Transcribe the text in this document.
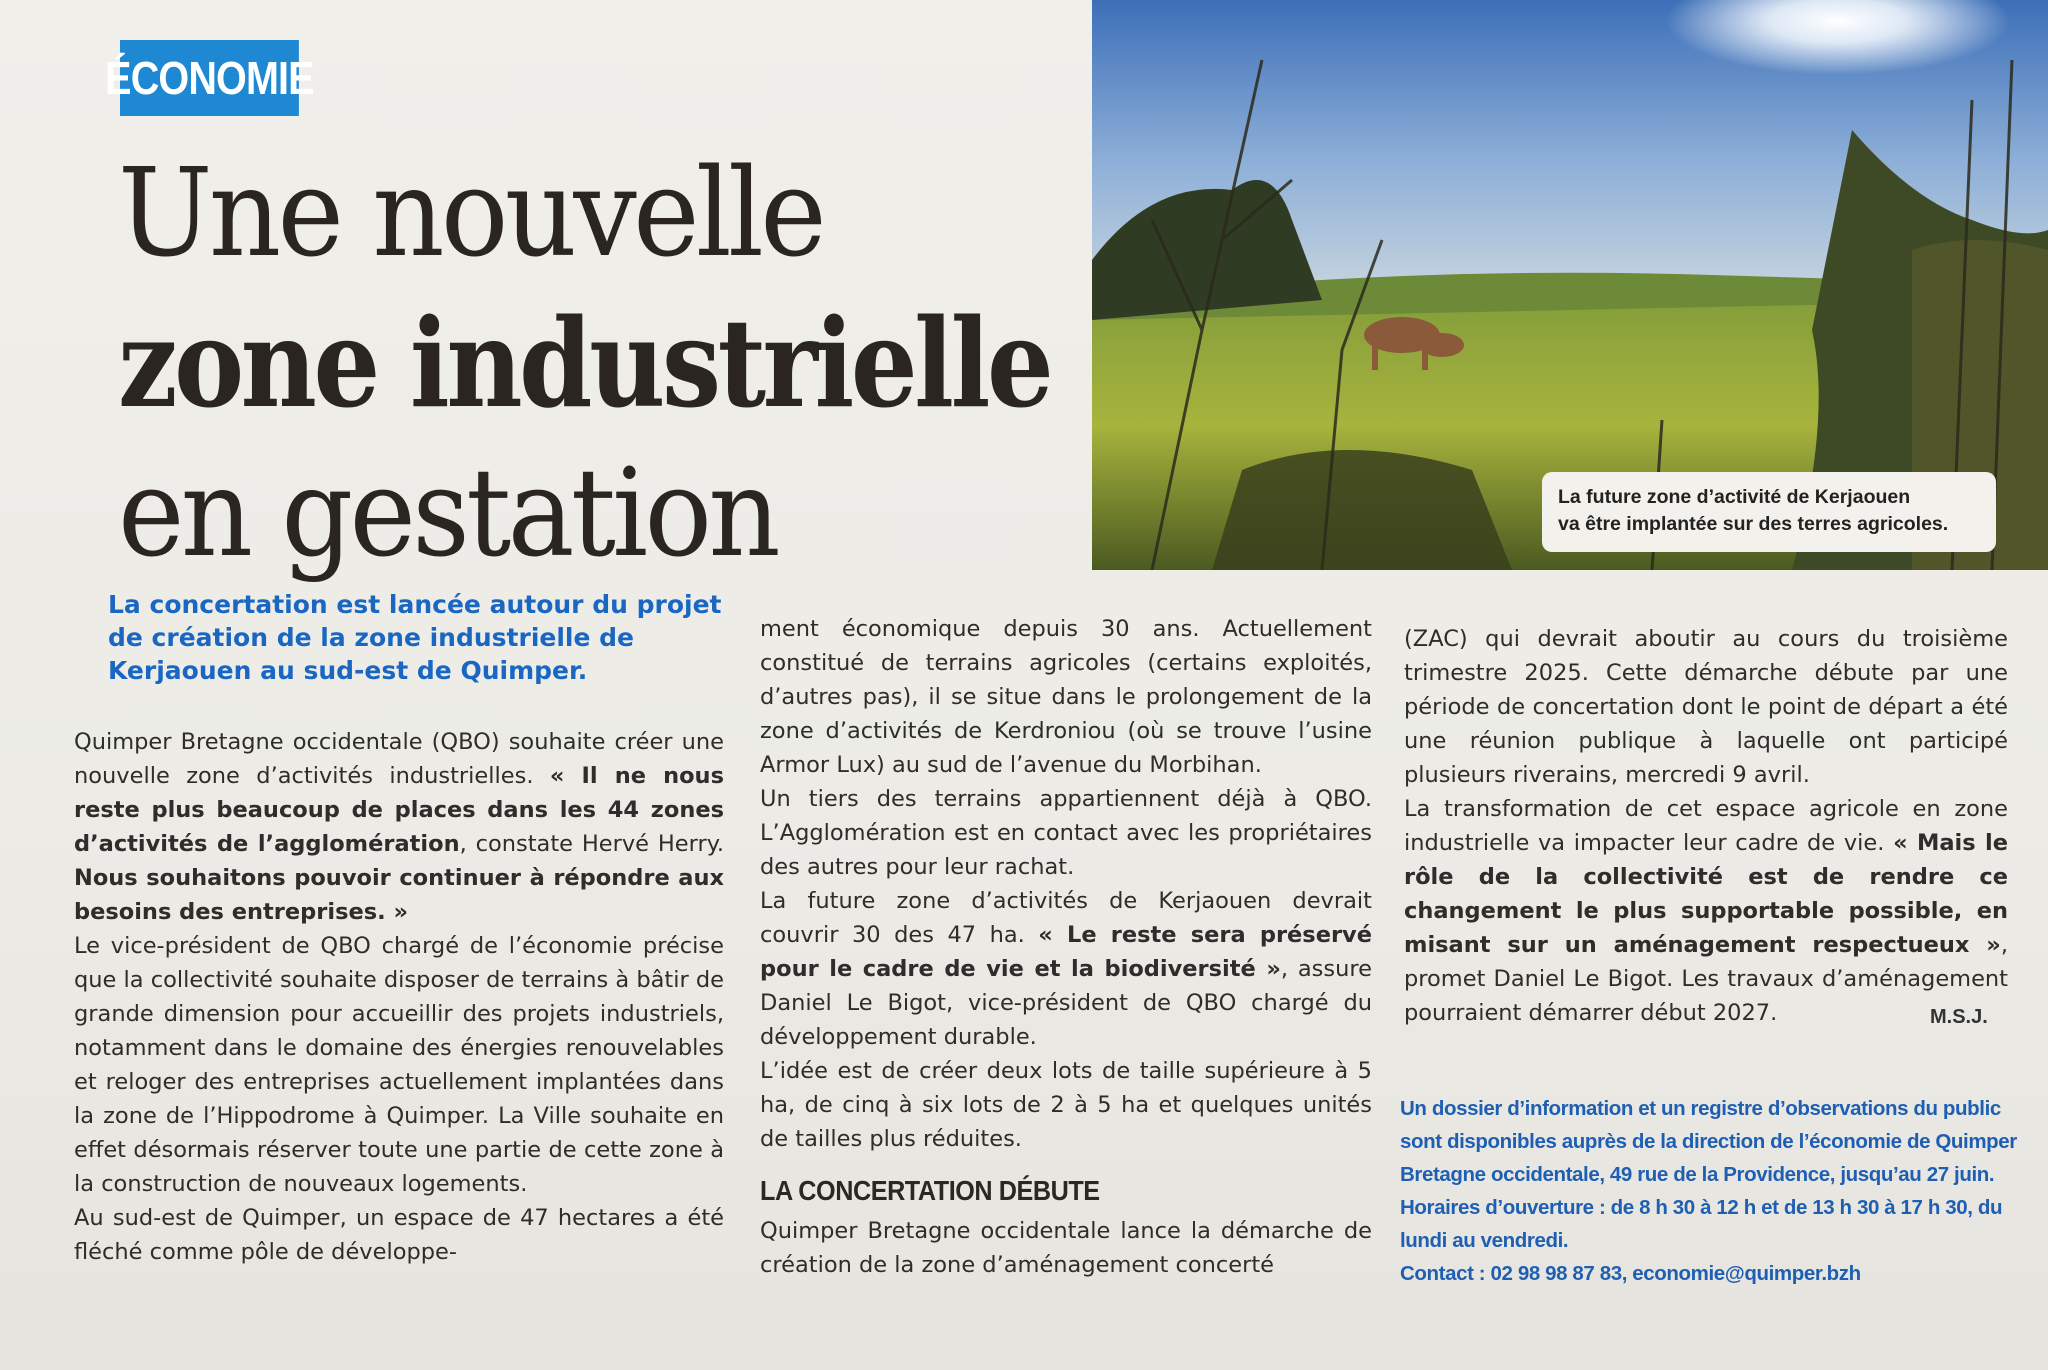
ÉCONOMIE
Une nouvelle
zone industrielle
en gestation	La future zone d’activité de Kerjaouen
va être implantée sur des terres agricoles.
La concertation est lancée autour du projet de création de la zone industrielle de Kerjaouen au sud-est de Quimper.

Quimper Bretagne occidentale (QBO) souhaite créer une nouvelle zone d’activités industrielles. « Il ne nous reste plus beaucoup de places dans les 44 zones d’activités de l’agglomération, constate Hervé Herry. Nous souhaitons pouvoir continuer à répondre aux besoins des entreprises. »

Le vice-président de QBO chargé de l’économie précise que la collectivité souhaite disposer de terrains à bâtir de grande dimension pour accueillir des projets industriels, notamment dans le domaine des énergies renouvelables et reloger des entreprises actuellement implantées dans la zone de l’Hippodrome à Quimper. La Ville souhaite en effet désormais réserver toute une partie de cette zone à la construction de nouveaux logements.

Au sud-est de Quimper, un espace de 47 hectares a été fléché comme pôle de développe-

ment économique depuis 30 ans. Actuellement constitué de terrains agricoles (certains exploités, d’autres pas), il se situe dans le prolongement de la zone d’activités de Kerdroniou (où se trouve l’usine Armor Lux) au sud de l’avenue du Morbihan.

Un tiers des terrains appartiennent déjà à QBO. L’Agglomération est en contact avec les propriétaires des autres pour leur rachat.

La future zone d’activités de Kerjaouen devrait couvrir 30 des 47 ha. « Le reste sera préservé pour le cadre de vie et la biodiversité », assure Daniel Le Bigot, vice-président de QBO chargé du développement durable.

L’idée est de créer deux lots de taille supérieure à 5 ha, de cinq à six lots de 2 à 5 ha et quelques unités de tailles plus réduites.

LA CONCERTATION DÉBUTE

Quimper Bretagne occidentale lance la démarche de création de la zone d’aménagement concerté

(ZAC) qui devrait aboutir au cours du troisième trimestre 2025. Cette démarche débute par une période de concertation dont le point de départ a été une réunion publique à laquelle ont participé plusieurs riverains, mercredi 9 avril.

La transformation de cet espace agricole en zone industrielle va impacter leur cadre de vie. « Mais le rôle de la collectivité est de rendre ce changement le plus supportable possible, en misant sur un aménagement respectueux », promet Daniel Le Bigot. Les travaux d’aménagement pourraient démarrer début 2027.	M.S.J.

Un dossier d’information et un registre d’observations du public sont disponibles auprès de la direction de l’économie de Quimper Bretagne occidentale, 49 rue de la Providence, jusqu’au 27 juin.

Horaires d’ouverture : de 8 h 30 à 12 h et de 13 h 30 à 17 h 30, du lundi au vendredi.

Contact : 02 98 98 87 83, economie@quimper.bzh
